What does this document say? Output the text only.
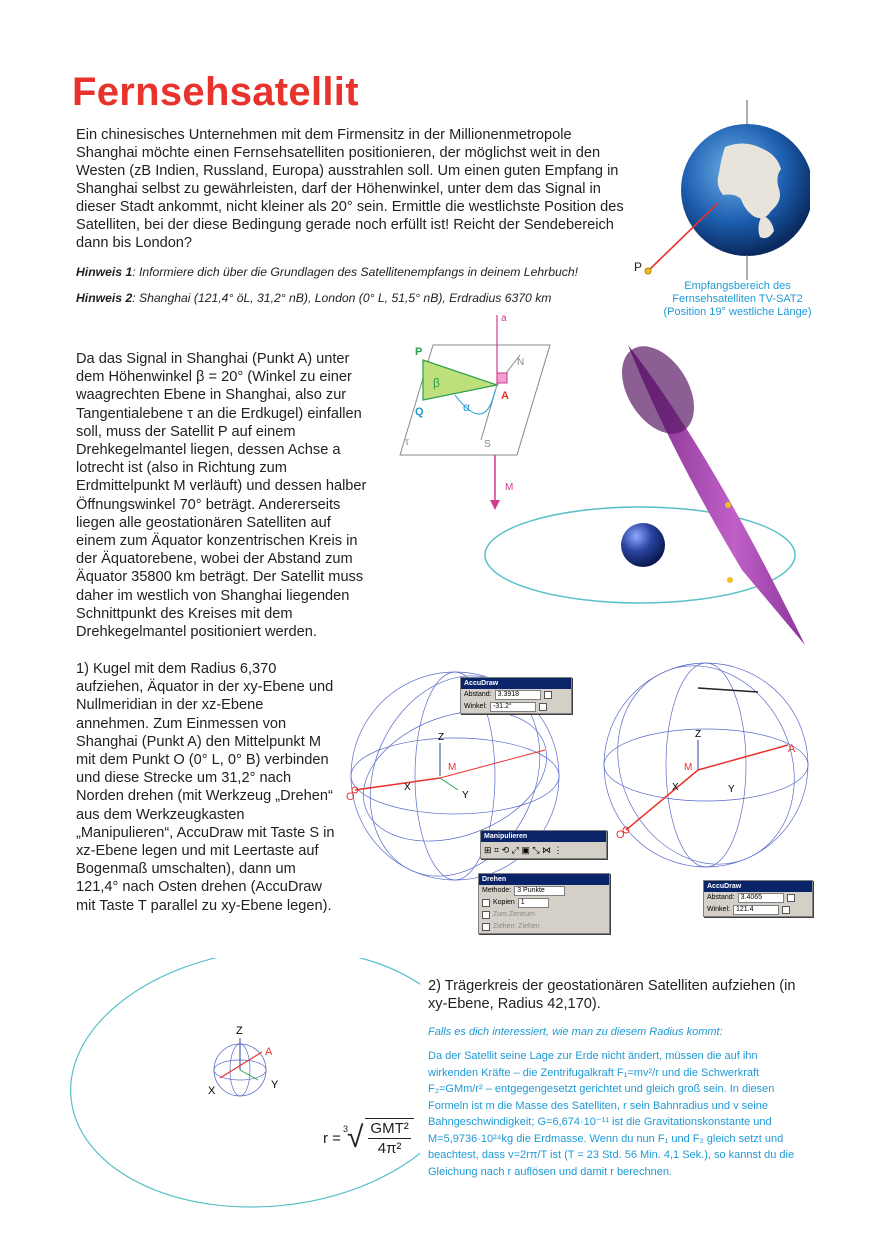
Fernsehsatellit
Ein chinesisches Unternehmen mit dem Firmensitz in der Millionenmetropole Shanghai möchte einen Fernsehsatelliten positionieren, der möglichst weit in den Westen (zB Indien, Russland, Europa) ausstrahlen soll. Um einen guten Empfang in Shanghai selbst zu gewährleisten, darf der Höhenwinkel, unter dem das Signal in dieser Stadt ankommt, nicht kleiner als 20° sein. Ermittle die westlichste Position des Satelliten, bei der diese Bedingung gerade noch erfüllt ist! Reicht der Sendebereich dann bis London?
Hinweis 1: Informiere dich über die Grundlagen des Satellitenempfangs in deinem Lehrbuch!
Hinweis 2: Shanghai (121,4° öL, 31,2° nB), London (0° L, 51,5° nB), Erdradius 6370 km
P
Empfangsbereich des
Fernsehsatelliten TV-SAT2
(Position 19° westliche Länge)
Da das Signal in Shanghai (Punkt A) unter dem Höhenwinkel β = 20° (Winkel zu einer waagrechten Ebene in Shanghai, also zur Tangentialebene τ an die Erdkugel) einfallen soll, muss der Satellit P auf einem Drehkegelmantel liegen, dessen Achse a lotrecht ist (also in Richtung zum Erdmittelpunkt M verläuft) und dessen halber Öffnungswinkel 70° beträgt. Andererseits liegen alle geostationären Satelliten auf einem zum Äquator konzentrischen Kreis in der Äquatorebene, wobei der Abstand zum Äquator 35800 km beträgt. Der Satellit muss daher im westlich von Shanghai liegenden Schnittpunkt des Kreises mit dem Drehkegelmantel positioniert werden.
a
N
S
α
β
P
Q
A
τ
M
1) Kugel mit dem Radius 6,370 aufziehen, Äquator in der xy-Ebene und Nullmeridian in der xz-Ebene annehmen. Zum Einmessen von Shanghai (Punkt A) den Mittelpunkt M mit dem Punkt O (0° L, 0° B) verbinden und diese Strecke um 31,2° nach Norden drehen (mit Werkzeug „Drehen“ aus dem Werkzeugkasten „Manipulieren“, AccuDraw mit Taste S in xz-Ebene legen und mit Leertaste auf Bogenmaß umschalten), dann um 121,4° nach Osten drehen (AccuDraw mit Taste T parallel zu xy-Ebene legen).
Z
M
X
Y
O
Z
M
X	Y
O
A
AccuDraw
Abstand: 3.3918
Winkel: -31.2°
Manipulieren
⊞ ⌗ ⟲ ⤢ ▣ ⤡ ⋈ ⋮
Drehen
Methode: 3 Punkte
Kopien 1
Zum Zentrum
Ziehen: Ziehen
AccuDraw
Abstand: 3.4065
Winkel: 121.4
Z
A
X	Y
r =
$^3$ √ GMT²
4π²
2) Trägerkreis der geostationären Satelliten aufziehen (in xy-Ebene, Radius 42,170).
Falls es dich interessiert, wie man zu diesem Radius kommt:
Da der Satellit seine Lage zur Erde nicht ändert, müssen die auf ihn
wirkenden Kräfte – die Zentrifugalkraft F₁=mv²/r und die Schwerkraft
F₂=GMm/r² – entgegengesetzt gerichtet und gleich groß sein. In diesen
Formeln ist m die Masse des Satelliten, r sein Bahnradius und v seine
Bahngeschwindigkeit; G=6,674·10⁻¹¹ ist die Gravitationskonstante und
M=5,9736·10²⁴kg die Erdmasse. Wenn du nun F₁ und F₂ gleich setzt und
beachtest, dass v=2rπ/T ist (T = 23 Std. 56 Min. 4,1 Sek.), so kannst du die
Gleichung nach r auflösen und damit r berechnen.
